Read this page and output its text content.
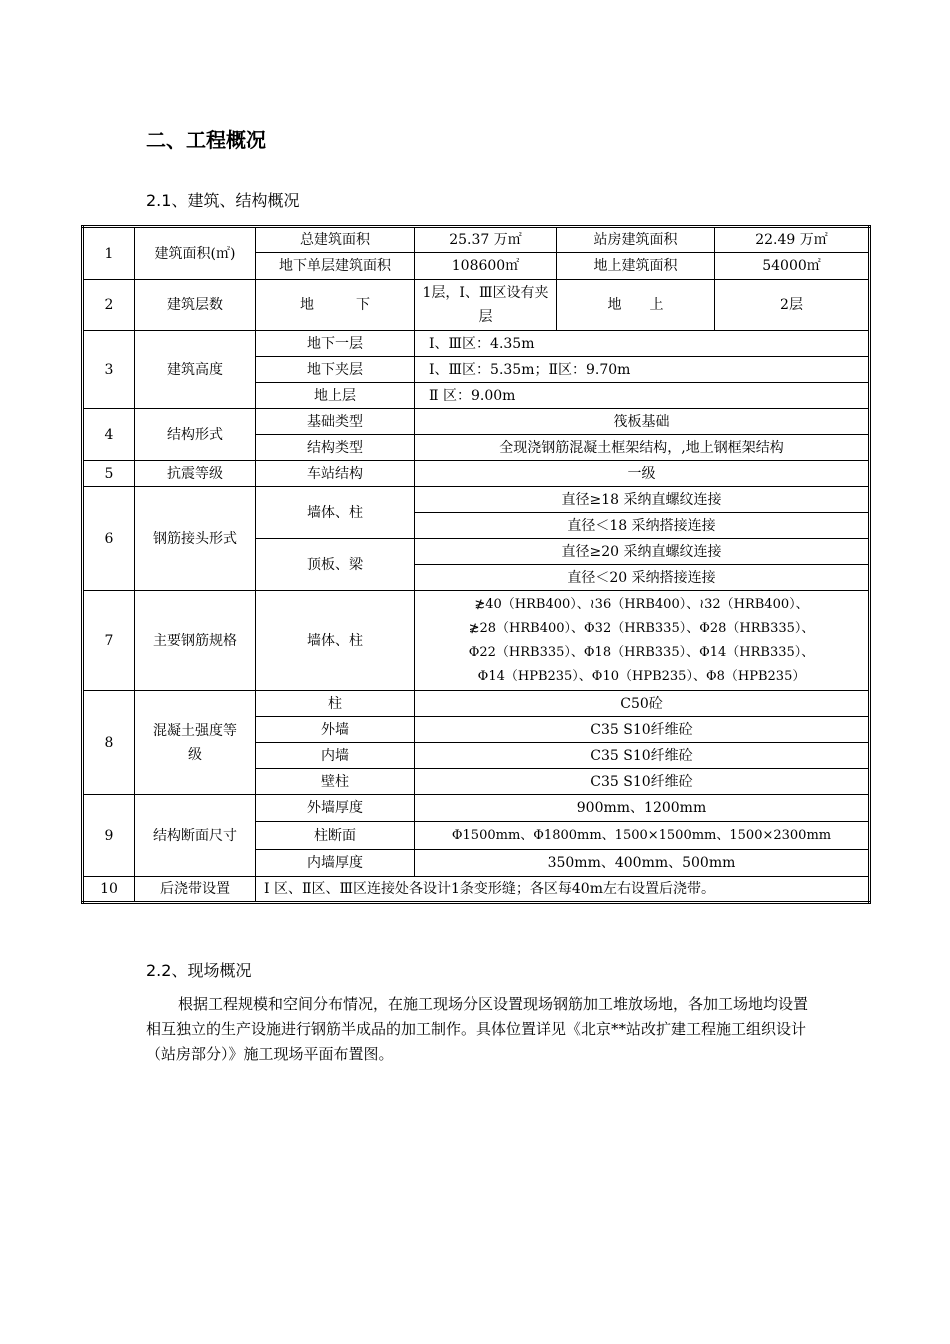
二、工程概况
2.1、建筑、结构概况
1	建筑面积(㎡)	总建筑面积	25.37 万㎡	站房建筑面积	22.49 万㎡
		地下单层建筑面积	108600㎡	地上建筑面积	54000㎡
2	建筑层数	地　　　下	1层，Ⅰ、Ⅲ区设有夹层	地　　上	2层
3	建筑高度	地下一层	Ⅰ、Ⅲ区：4.35m		
		地下夹层	Ⅰ、Ⅲ区：5.35m；Ⅱ区：9.70m		
		地上层	Ⅱ 区：9.00m		
4	结构形式	基础类型	筏板基础		
		结构类型	全现浇钢筋混凝土框架结构，,地上钢框架结构		
5	抗震等级	车站结构	一级		
6	钢筋接头形式	墙体、柱	直径≥18 采纳直螺纹连接		
			直径＜18 采纳搭接连接		
		顶板、梁	直径≥20 采纳直螺纹连接		
			直径＜20 采纳搭接连接		
7	主要钢筋规格	墙体、柱	≵40（HRB400）、≀36（HRB400）、≀32（HRB400）、
≵28（HRB400）、Φ32（HRB335）、Φ28（HRB335）、
Φ22（HRB335）、Φ18（HRB335）、Φ14（HRB335）、
Φ14（HPB235）、Φ10（HPB235）、Φ8（HPB235）		

8	混凝土强度等级	柱	C50砼		
		外墙	C35 S10纤维砼		
		内墙	C35 S10纤维砼		
		壁柱	C35 S10纤维砼		
9	结构断面尺寸	外墙厚度	900mm、1200mm		
		柱断面	Φ1500mm、Φ1800mm、1500×1500mm、1500×2300mm		
		内墙厚度	350mm、400mm、500mm		
10	后浇带设置	Ⅰ 区、Ⅱ区、Ⅲ区连接处各设计1条变形缝；各区每40m左右设置后浇带。			
2.2、现场概况
根据工程规模和空间分布情况，在施工现场分区设置现场钢筋加工堆放场地，各加工场地均设置相互独立的生产设施进行钢筋半成品的加工制作。具体位置详见《北京**站改扩建工程施工组织设计（站房部分）》施工现场平面布置图。
